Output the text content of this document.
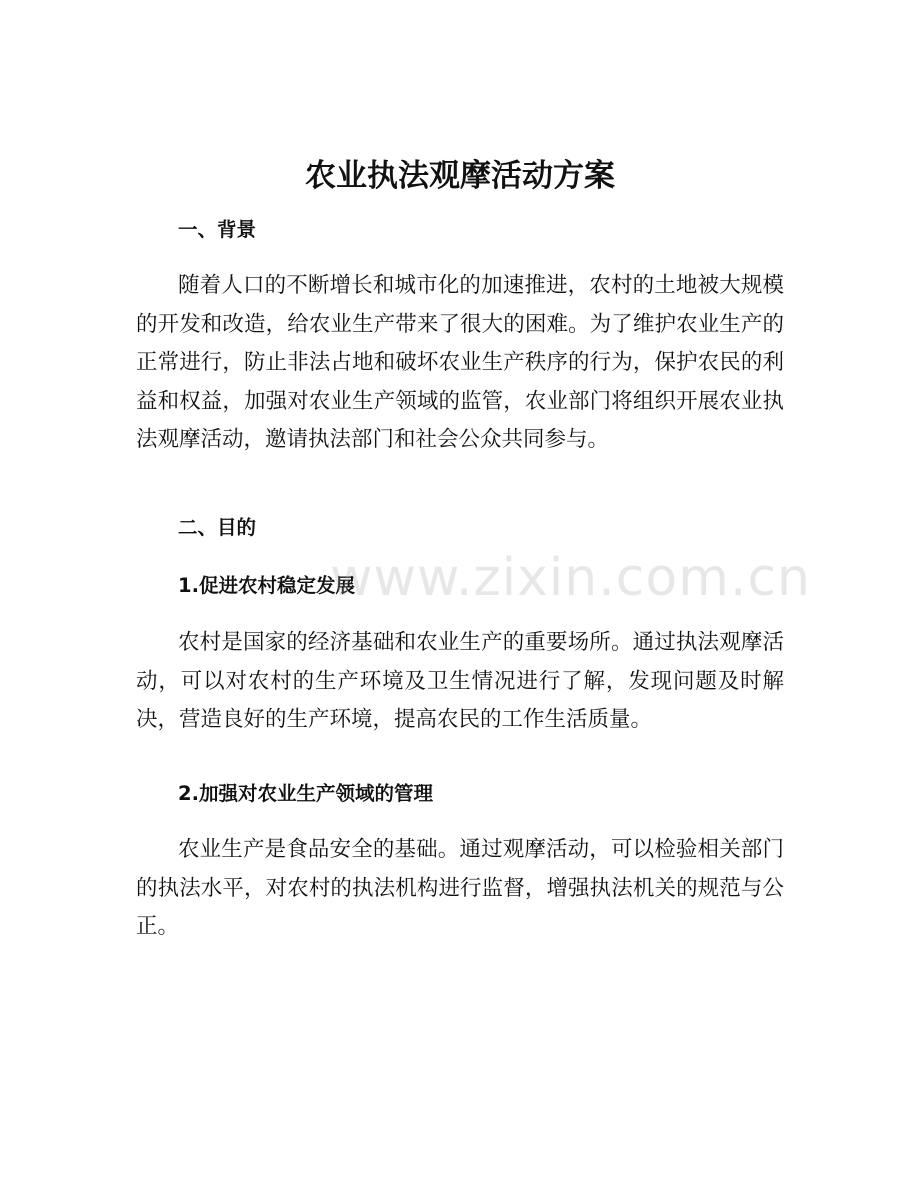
农业执法观摩活动方案
一、背景

随着人口的不断增长和城市化的加速推进，农村的土地被大规模的开发和改造，给农业生产带来了很大的困难。为了维护农业生产的正常进行，防止非法占地和破坏农业生产秩序的行为，保护农民的利益和权益，加强对农业生产领域的监管，农业部门将组织开展农业执法观摩活动，邀请执法部门和社会公众共同参与。

二、目的
1.促进农村稳定发展

农村是国家的经济基础和农业生产的重要场所。通过执法观摩活动，可以对农村的生产环境及卫生情况进行了解，发现问题及时解决，营造良好的生产环境，提高农民的工作生活质量。

2.加强对农业生产领域的管理

农业生产是食品安全的基础。通过观摩活动，可以检验相关部门的执法水平，对农村的执法机构进行监督，增强执法机关的规范与公正。

www.zixin.com.cn
